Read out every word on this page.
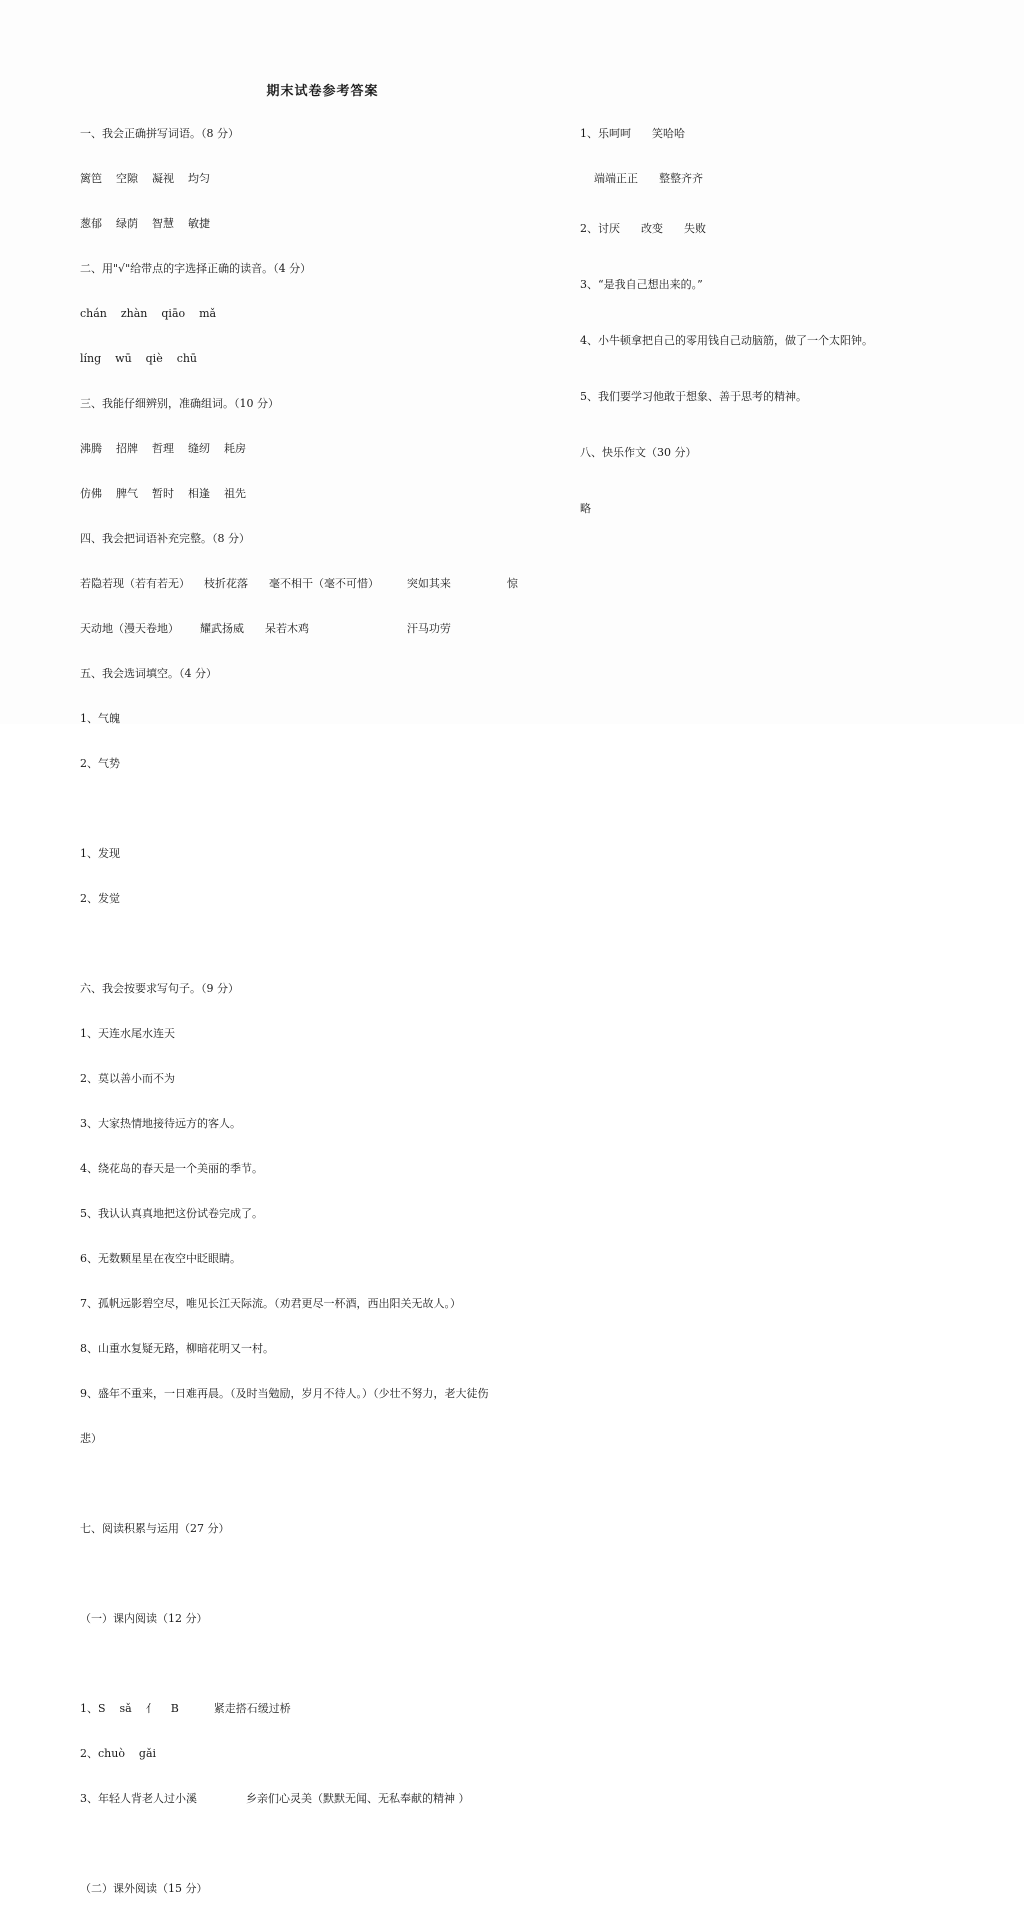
期末试卷参考答案

一、我会正确拼写词语。（8 分）

篱笆    空隙    凝视    均匀

葱郁    绿荫    智慧    敏捷

二、用"√"给带点的字选择正确的读音。（4 分）

chán    zhàn    qiāo    mǎ

líng    wū    qiè    chū

三、我能仔细辨别，准确组词。（10 分）

沸腾    招牌    哲理    缝纫    耗房

仿佛    脾气    暂时    相逢    祖先

四、我会把词语补充完整。（8 分）

若隐若现（若有若无）    枝折花落      毫不相干（毫不可惜）        突如其来                惊

天动地（漫天卷地）      耀武扬威      呆若木鸡                            汗马功劳

五、我会选词填空。（4 分）

1、气魄

2、气势

1、发现

2、发觉

六、我会按要求写句子。（9 分）

1、天连水尾水连天

2、莫以善小而不为

3、大家热情地接待远方的客人。

4、绕花岛的春天是一个美丽的季节。

5、我认认真真地把这份试卷完成了。

6、无数颗星星在夜空中眨眼睛。

7、孤帆远影碧空尽，唯见长江天际流。（劝君更尽一杯酒，西出阳关无故人。）

8、山重水复疑无路，柳暗花明又一村。

9、盛年不重来，一日难再晨。（及时当勉励，岁月不待人。）（少壮不努力，老大徒伤

悲）

七、阅读积累与运用（27 分）

（一）课内阅读（12 分）

1、S    sǎ    亻    B          紧走搭石缓过桥

2、chuò    gǎi

3、年轻人背老人过小溪              乡亲们心灵美（默默无闻、无私奉献的精神 ）

（二）课外阅读（15 分）

1、乐呵呵      笑哈哈

端端正正      整整齐齐

2、讨厌      改变      失败

3、“是我自己想出来的。”

4、小牛顿拿把自己的零用钱自己动脑筋，做了一个太阳钟。

5、我们要学习他敢于想象、善于思考的精神。

八、快乐作文（30 分）

略
